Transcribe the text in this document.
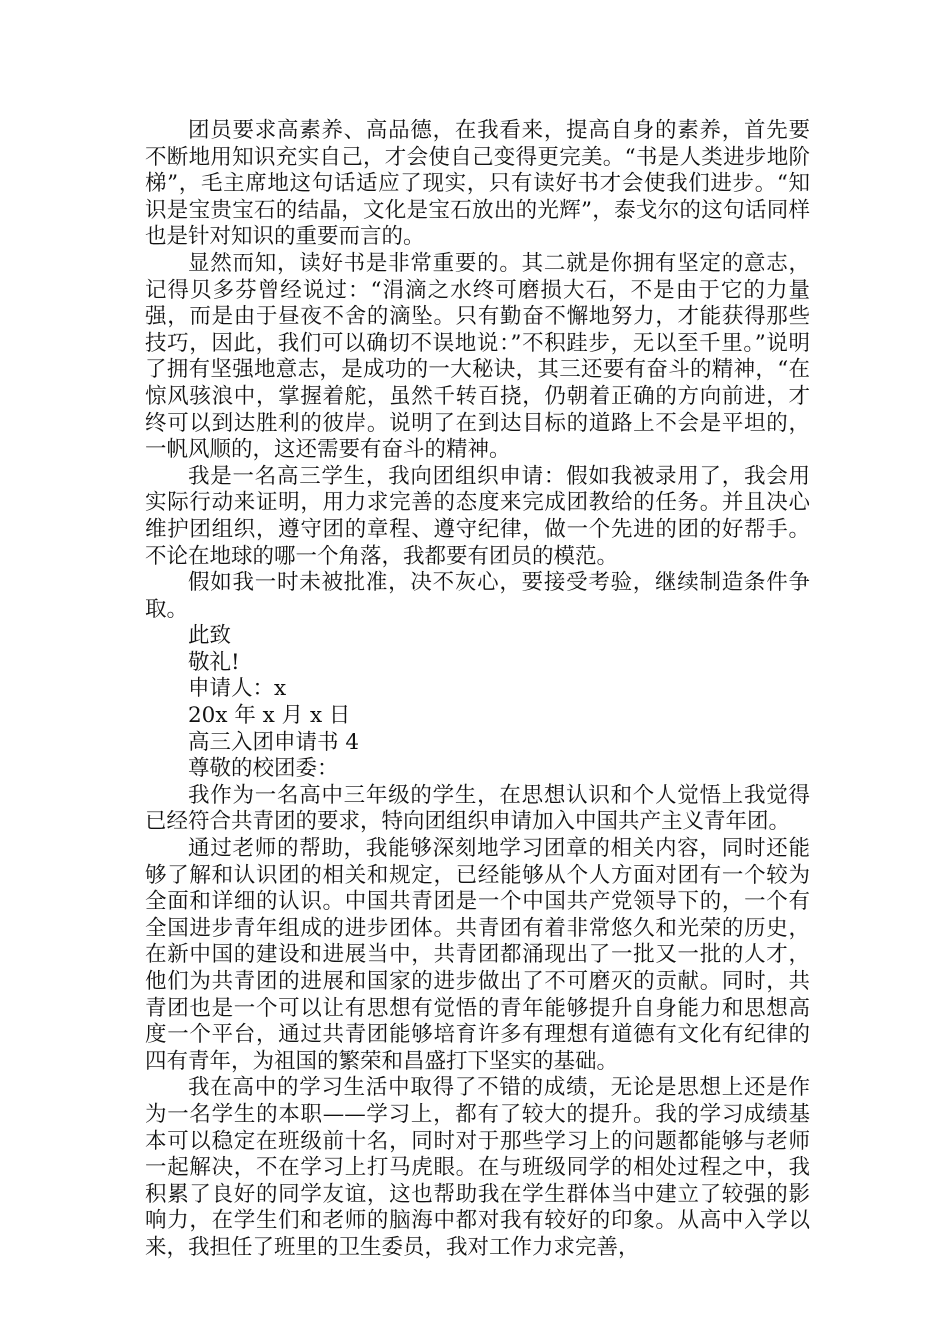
团员要求高素养、高品德，在我看来，提高自身的素养，首先要不断地用知识充实自己，才会使自己变得更完美。“书是人类进步地阶梯”，毛主席地这句话适应了现实，只有读好书才会使我们进步。“知识是宝贵宝石的结晶，文化是宝石放出的光辉”，泰戈尔的这句话同样也是针对知识的重要而言的。

显然而知，读好书是非常重要的。其二就是你拥有坚定的意志，记得贝多芬曾经说过：“涓滴之水终可磨损大石，不是由于它的力量强，而是由于昼夜不舍的滴坠。只有勤奋不懈地努力，才能获得那些技巧，因此，我们可以确切不误地说：”不积跬步，无以至千里。”说明了拥有坚强地意志，是成功的一大秘诀，其三还要有奋斗的精神，“在惊风骇浪中，掌握着舵，虽然千转百挠，仍朝着正确的方向前进，才终可以到达胜利的彼岸。说明了在到达目标的道路上不会是平坦的，一帆风顺的，这还需要有奋斗的精神。

我是一名高三学生，我向团组织申请：假如我被录用了，我会用实际行动来证明，用力求完善的态度来完成团教给的任务。并且决心维护团组织，遵守团的章程、遵守纪律，做一个先进的团的好帮手。不论在地球的哪一个角落，我都要有团员的模范。

假如我一时未被批准，决不灰心，要接受考验，继续制造条件争取。

此致

敬礼!

申请人：x

20x 年 x 月 x 日

高三入团申请书 4

尊敬的校团委：

我作为一名高中三年级的学生，在思想认识和个人觉悟上我觉得已经符合共青团的要求，特向团组织申请加入中国共产主义青年团。

通过老师的帮助，我能够深刻地学习团章的相关内容，同时还能够了解和认识团的相关和规定，已经能够从个人方面对团有一个较为全面和详细的认识。中国共青团是一个中国共产党领导下的，一个有全国进步青年组成的进步团体。共青团有着非常悠久和光荣的历史，在新中国的建设和进展当中，共青团都涌现出了一批又一批的人才，他们为共青团的进展和国家的进步做出了不可磨灭的贡献。同时，共青团也是一个可以让有思想有觉悟的青年能够提升自身能力和思想高度一个平台，通过共青团能够培育许多有理想有道德有文化有纪律的四有青年，为祖国的繁荣和昌盛打下坚实的基础。

我在高中的学习生活中取得了不错的成绩，无论是思想上还是作为一名学生的本职——学习上，都有了较大的提升。我的学习成绩基本可以稳定在班级前十名，同时对于那些学习上的问题都能够与老师一起解决，不在学习上打马虎眼。在与班级同学的相处过程之中，我积累了良好的同学友谊，这也帮助我在学生群体当中建立了较强的影响力，在学生们和老师的脑海中都对我有较好的印象。从高中入学以来，我担任了班里的卫生委员，我对工作力求完善，
